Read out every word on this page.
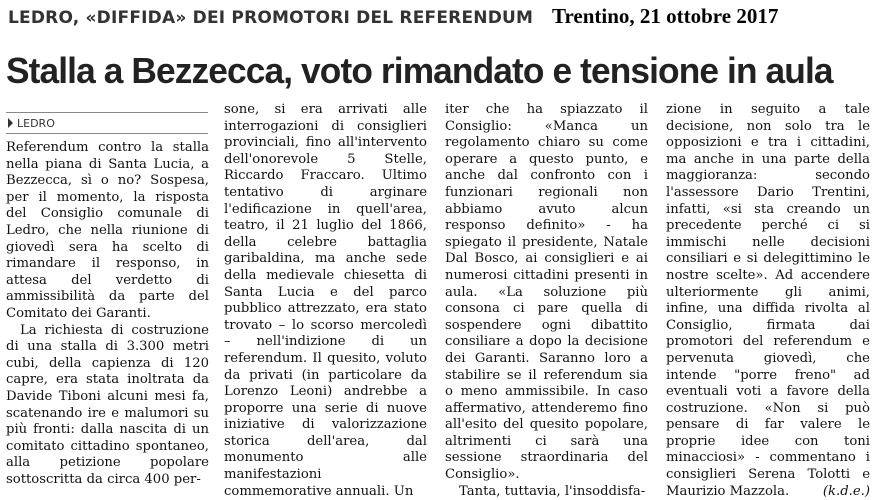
LEDRO, «DIFFIDA» DEI PROMOTORI DEL REFERENDUM Trentino, 21 ottobre 2017
Stalla a Bezzecca, voto rimandato e tensione in aula
LEDRO

Referendum contro la stalla nella piana di Santa Lucia, a Bezzecca, sì o no? Sospesa, per il momento, la risposta del Consiglio comunale di Ledro, che nella riunione di giovedì sera ha scelto di rimandare il responso, in attesa del verdetto di ammissibilità da parte del Comitato dei Garanti.

La richiesta di costruzione di una stalla di 3.300 metri cubi, della capienza di 120 capre, era stata inoltrata da Davide Tiboni alcuni mesi fa, scatenando ire e malumori su più fronti: dalla nascita di un comitato cittadino spontaneo, alla petizione popolare sottoscritta da circa 400 per-

sone, si era arrivati alle interrogazioni di consiglieri provinciali, fino all'intervento dell'onorevole 5 Stelle, Riccardo Fraccaro. Ultimo tentativo di arginare l'edificazione in quell'area, teatro, il 21 luglio del 1866, della celebre battaglia garibaldina, ma anche sede della medievale chiesetta di Santa Lucia e del parco pubblico attrezzato, era stato trovato – lo scorso mercoledì – nell'indizione di un referendum. Il quesito, voluto da privati (in particolare da Lorenzo Leoni) andrebbe a proporre una serie di nuove iniziative di valorizzazione storica dell'area, dal monumento alle manifestazioni commemorative annuali. Un

iter che ha spiazzato il Consiglio: «Manca un regolamento chiaro su come operare a questo punto, e anche dal confronto con i funzionari regionali non abbiamo avuto alcun responso definito» - ha spiegato il presidente, Natale Dal Bosco, ai consiglieri e ai numerosi cittadini presenti in aula. «La soluzione più consona ci pare quella di sospendere ogni dibattito consiliare a dopo la decisione dei Garanti. Saranno loro a stabilire se il referendum sia o meno ammissibile. In caso affermativo, attenderemo fino all'esito del quesito popolare, altrimenti ci sarà una sessione straordinaria del Consiglio».

Tanta, tuttavia, l'insoddisfa-

zione in seguito a tale decisione, non solo tra le opposizioni e tra i cittadini, ma anche in una parte della maggioranza: secondo l'assessore Dario Trentini, infatti, «si sta creando un precedente perché ci si immischi nelle decisioni consiliari e si delegittimino le nostre scelte». Ad accendere ulteriormente gli animi, infine, una diffida rivolta al Consiglio, firmata dai promotori del referendum e pervenuta giovedì, che intende "porre freno" ad eventuali voti a favore della costruzione. «Non si può pensare di far valere le proprie idee con toni minacciosi» - commentano i consiglieri Serena Tolotti e Maurizio Mazzola.	(k.d.e.)
